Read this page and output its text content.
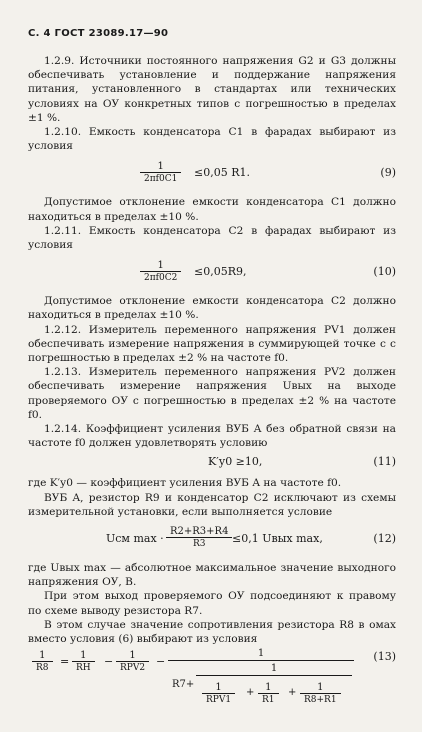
С. 4 ГОСТ 23089.17—90

1.2.9. Источники постоянного напряжения G2 и G3 должны обеспечивать установление и поддержание напряжения питания, установленного в стандартах или технических условиях на ОУ конкретных типов с погрешностью в пределах ±1 %.

1.2.10. Емкость конденсатора C1 в фарадах выбирают из условия

$\frac{1}{2\pi f0C1} \le 0,05$ R1.	(9)

Допустимое отклонение емкости конденсатора C1 должно находиться в пределах ±10 %.

1.2.11. Емкость конденсатора C2 в фарадах выбирают из условия

$\frac{1}{2\pi f0C2} \le 0,05R9$,	(10)

Допустимое отклонение емкости конденсатора C2 должно находиться в пределах ±10 %.

1.2.12. Измеритель переменного напряжения PV1 должен обеспечивать измерение напряжения в суммирующей точке с с погрешностью в пределах ±2 % на частоте f0.

1.2.13. Измеритель переменного напряжения PV2 должен обеспечивать измерение напряжения Uвых на выходе проверяемого ОУ с погрешностью в пределах ±2 % на частоте f0.

1.2.14. Коэффициент усиления ВУБ A без обратной связи на частоте f0 должен удовлетворять условию

K′у0 ≥10,	(11)

где K′у0 — коэффициент усиления ВУБ A на частоте f0.

ВУБ A, резистор R9 и конденсатор C2 исключают из схемы измерительной установки, если выполняется условие

Uсм $\max \cdot \frac{R2+R3+R4}{R3} \le 0,1$ Uвых max,	(12)

где Uвых max — абсолютное максимальное значение выходного напряжения ОУ, В.

При этом выход проверяемого ОУ подсоединяют к правому по схеме выводу резистора R7.

В этом случае значение сопротивления резистора R8 в омах вместо условия (6) выбирают из условия

$\frac{1}{R8}$ =	1
RН	−	1
RPV2 −
1
R7+
1
1
RPV1
+ $\frac{1}{R1} + \frac{1}{R8+R1}$
(13)
